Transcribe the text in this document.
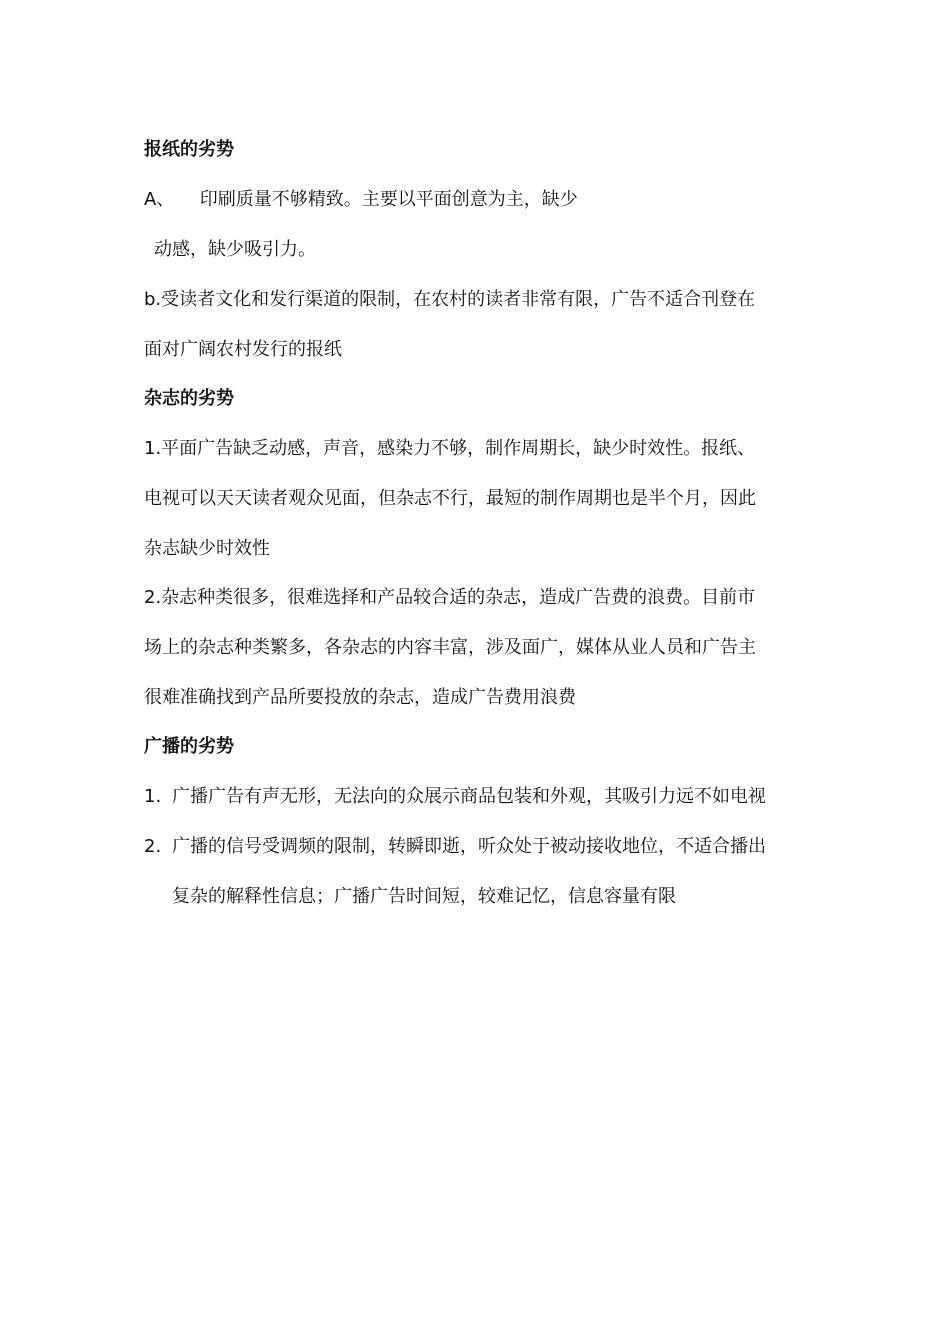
报纸的劣势
A、 印刷质量不够精致。主要以平面创意为主，缺少
动感，缺少吸引力。
b.受读者文化和发行渠道的限制，在农村的读者非常有限，广告不适合刊登在
面对广阔农村发行的报纸
杂志的劣势
1.平面广告缺乏动感，声音，感染力不够，制作周期长，缺少时效性。报纸、
电视可以天天读者观众见面，但杂志不行，最短的制作周期也是半个月，因此
杂志缺少时效性
2.杂志种类很多，很难选择和产品较合适的杂志，造成广告费的浪费。目前市
场上的杂志种类繁多，各杂志的内容丰富，涉及面广，媒体从业人员和广告主
很难准确找到产品所要投放的杂志，造成广告费用浪费
广播的劣势
1. 广播广告有声无形，无法向的众展示商品包装和外观，其吸引力远不如电视
2. 广播的信号受调频的限制，转瞬即逝，听众处于被动接收地位，不适合播出
复杂的解释性信息；广播广告时间短，较难记忆，信息容量有限
